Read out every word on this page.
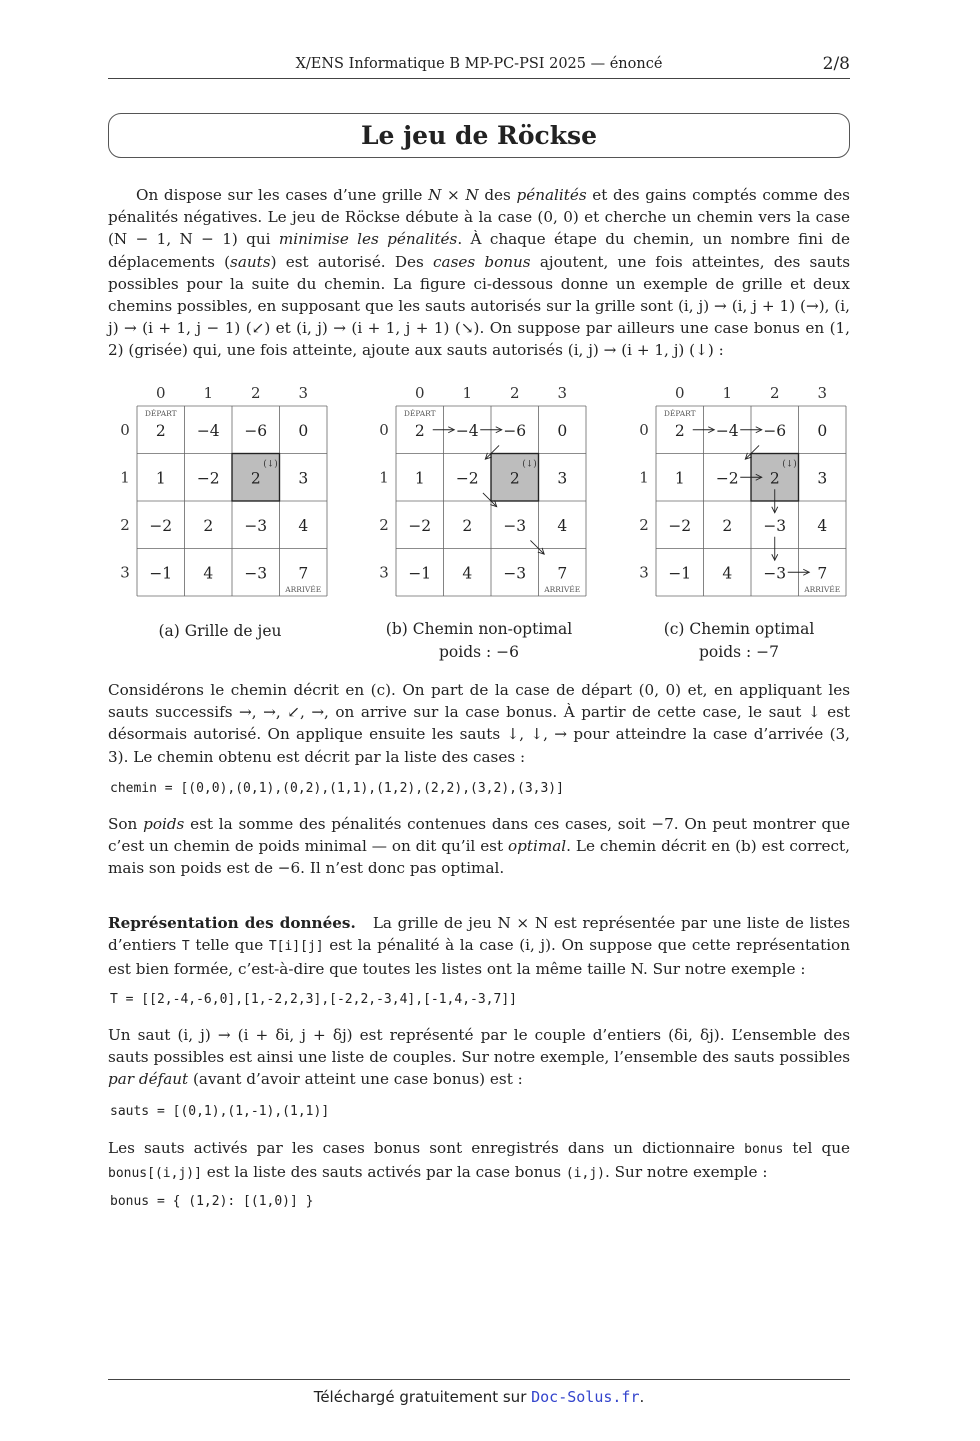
X/ENS Informatique B MP-PC-PSI 2025 — énoncé	2/8
Le jeu de Röckse

On dispose sur les cases d’une grille N × N des pénalités et des gains comptés comme des pénalités négatives. Le jeu de Röckse débute à la case (0, 0) et cherche un chemin vers la case (N − 1, N − 1) qui minimise les pénalités. À chaque étape du chemin, un nombre fini de déplacements (sauts) est autorisé. Des cases bonus ajoutent, une fois atteintes, des sauts possibles pour la suite du chemin. La figure ci-dessous donne un exemple de grille et deux chemins possibles, en supposant que les sauts autorisés sur la grille sont (i, j) → (i, j + 1) (→), (i, j) → (i + 1, j − 1) (↙) et (i, j) → (i + 1, j + 1) (↘). On suppose par ailleurs une case bonus en (1, 2) (grisée) qui, une fois atteinte, ajoute aux sauts autorisés (i, j) → (i + 1, j) (↓) :

0	1	2	3
0
1
2
3
2 −4 −6 0
1 −2 2 3
−2 2 −3 4
−1 4 −3 7
DÉPART
ARRIVÉE
(↓)
0	1	2	3
0
1
2
3
2 −4 −6 0
1 −2 2 3
−2 2 −3 4
−1 4 −3 7
DÉPART
ARRIVÉE
(↓)
0	1	2	3
0
1
2
3
2 −4 −6 0
1 −2 2 3
−2 2 −3 4
−1 4 −3 7
DÉPART
ARRIVÉE
(↓)
(a) Grille de jeu	(b) Chemin non-optimal
poids : −6
(c) Chemin optimal
poids : −7

Considérons le chemin décrit en (c). On part de la case de départ (0, 0) et, en appliquant les sauts successifs →, →, ↙, →, on arrive sur la case bonus. À partir de cette case, le saut ↓ est désormais autorisé. On applique ensuite les sauts ↓, ↓, → pour atteindre la case d’arrivée (3, 3). Le chemin obtenu est décrit par la liste des cases :

chemin = [(0,0),(0,1),(0,2),(1,1),(1,2),(2,2),(3,2),(3,3)]

Son poids est la somme des pénalités contenues dans ces cases, soit −7. On peut montrer que c’est un chemin de poids minimal — on dit qu’il est optimal. Le chemin décrit en (b) est correct, mais son poids est de −6. Il n’est donc pas optimal.

Représentation des données.   La grille de jeu N × N est représentée par une liste de listes d’entiers T telle que T[i][j] est la pénalité à la case (i, j). On suppose que cette représentation est bien formée, c’est-à-dire que toutes les listes ont la même taille N. Sur notre exemple :

T = [[2,-4,-6,0],[1,-2,2,3],[-2,2,-3,4],[-1,4,-3,7]]

Un saut (i, j) → (i + δi, j + δj) est représenté par le couple d’entiers (δi, δj). L’ensemble des sauts possibles est ainsi une liste de couples. Sur notre exemple, l’ensemble des sauts possibles par défaut (avant d’avoir atteint une case bonus) est :

sauts = [(0,1),(1,-1),(1,1)]

Les sauts activés par les cases bonus sont enregistrés dans un dictionnaire bonus tel que bonus[(i,j)] est la liste des sauts activés par la case bonus (i,j). Sur notre exemple :

bonus = { (1,2): [(1,0)] }
Téléchargé gratuitement sur Doc-Solus.fr.
